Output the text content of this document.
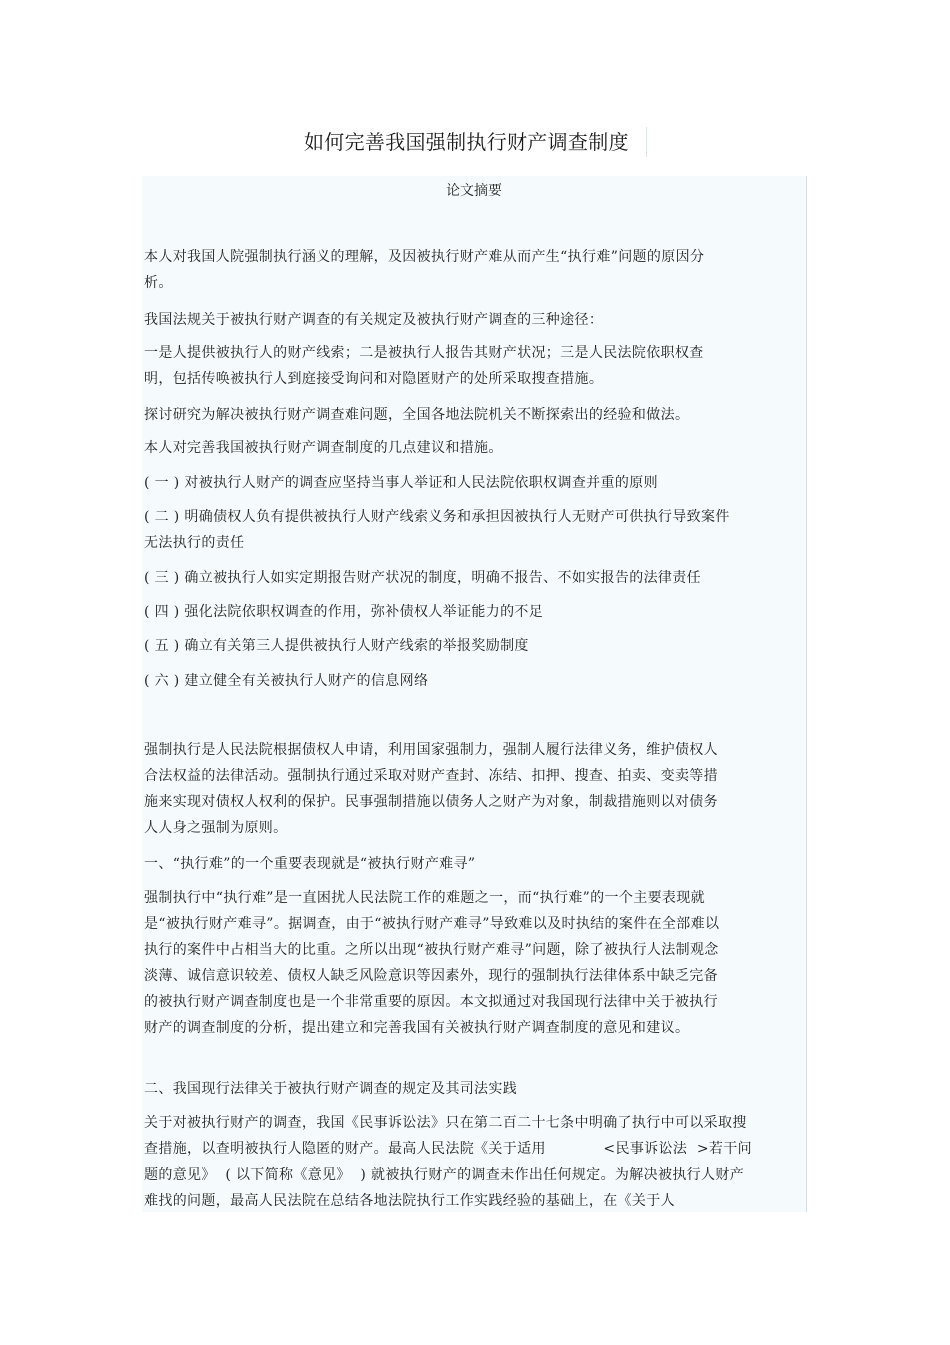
如何完善我国强制执行财产调查制度
论文摘要
本人对我国人院强制执行涵义的理解，及因被执行财产难从而产生“执行难”问题的原因分析。
我国法规关于被执行财产调查的有关规定及被执行财产调查的三种途径：
一是人提供被执行人的财产线索；二是被执行人报告其财产状况；三是人民法院依职权查明，包括传唤被执行人到庭接受询问和对隐匿财产的处所采取搜查措施。
探讨研究为解决被执行财产调查难问题，全国各地法院机关不断探索出的经验和做法。
本人对完善我国被执行财产调查制度的几点建议和措施。
( 一 ) 对被执行人财产的调查应坚持当事人举证和人民法院依职权调查并重的原则
( 二 ) 明确债权人负有提供被执行人财产线索义务和承担因被执行人无财产可供执行导致案件无法执行的责任
( 三 ) 确立被执行人如实定期报告财产状况的制度，明确不报告、不如实报告的法律责任
( 四 ) 强化法院依职权调查的作用，弥补债权人举证能力的不足
( 五 ) 确立有关第三人提供被执行人财产线索的举报奖励制度
( 六 ) 建立健全有关被执行人财产的信息网络
强制执行是人民法院根据债权人申请，利用国家强制力，强制人履行法律义务，维护债权人合法权益的法律活动。强制执行通过采取对财产查封、冻结、扣押、搜查、拍卖、变卖等措施来实现对债权人权利的保护。民事强制措施以债务人之财产为对象，制裁措施则以对债务人人身之强制为原则。
一、“执行难”的一个重要表现就是“被执行财产难寻”
强制执行中“执行难”是一直困扰人民法院工作的难题之一，而“执行难”的一个主要表现就是“被执行财产难寻”。据调查，由于“被执行财产难寻”导致难以及时执结的案件在全部难以执行的案件中占相当大的比重。之所以出现“被执行财产难寻”问题，除了被执行人法制观念淡薄、诚信意识较差、债权人缺乏风险意识等因素外，现行的强制执行法律体系中缺乏完备的被执行财产调查制度也是一个非常重要的原因。本文拟通过对我国现行法律中关于被执行财产的调查制度的分析，提出建立和完善我国有关被执行财产调查制度的意见和建议。
二、我国现行法律关于被执行财产调查的规定及其司法实践
关于对被执行财产的调查，我国《民事诉讼法》只在第二百二十七条中明确了执行中可以采取搜查措施，以查明被执行人隐匿的财产。最高人民法院《关于适用            <民事诉讼法  >若干问题的意见》  ( 以下简称《意见》  ) 就被执行财产的调查未作出任何规定。为解决被执行人财产难找的问题，最高人民法院在总结各地法院执行工作实践经验的基础上，在《关于人
